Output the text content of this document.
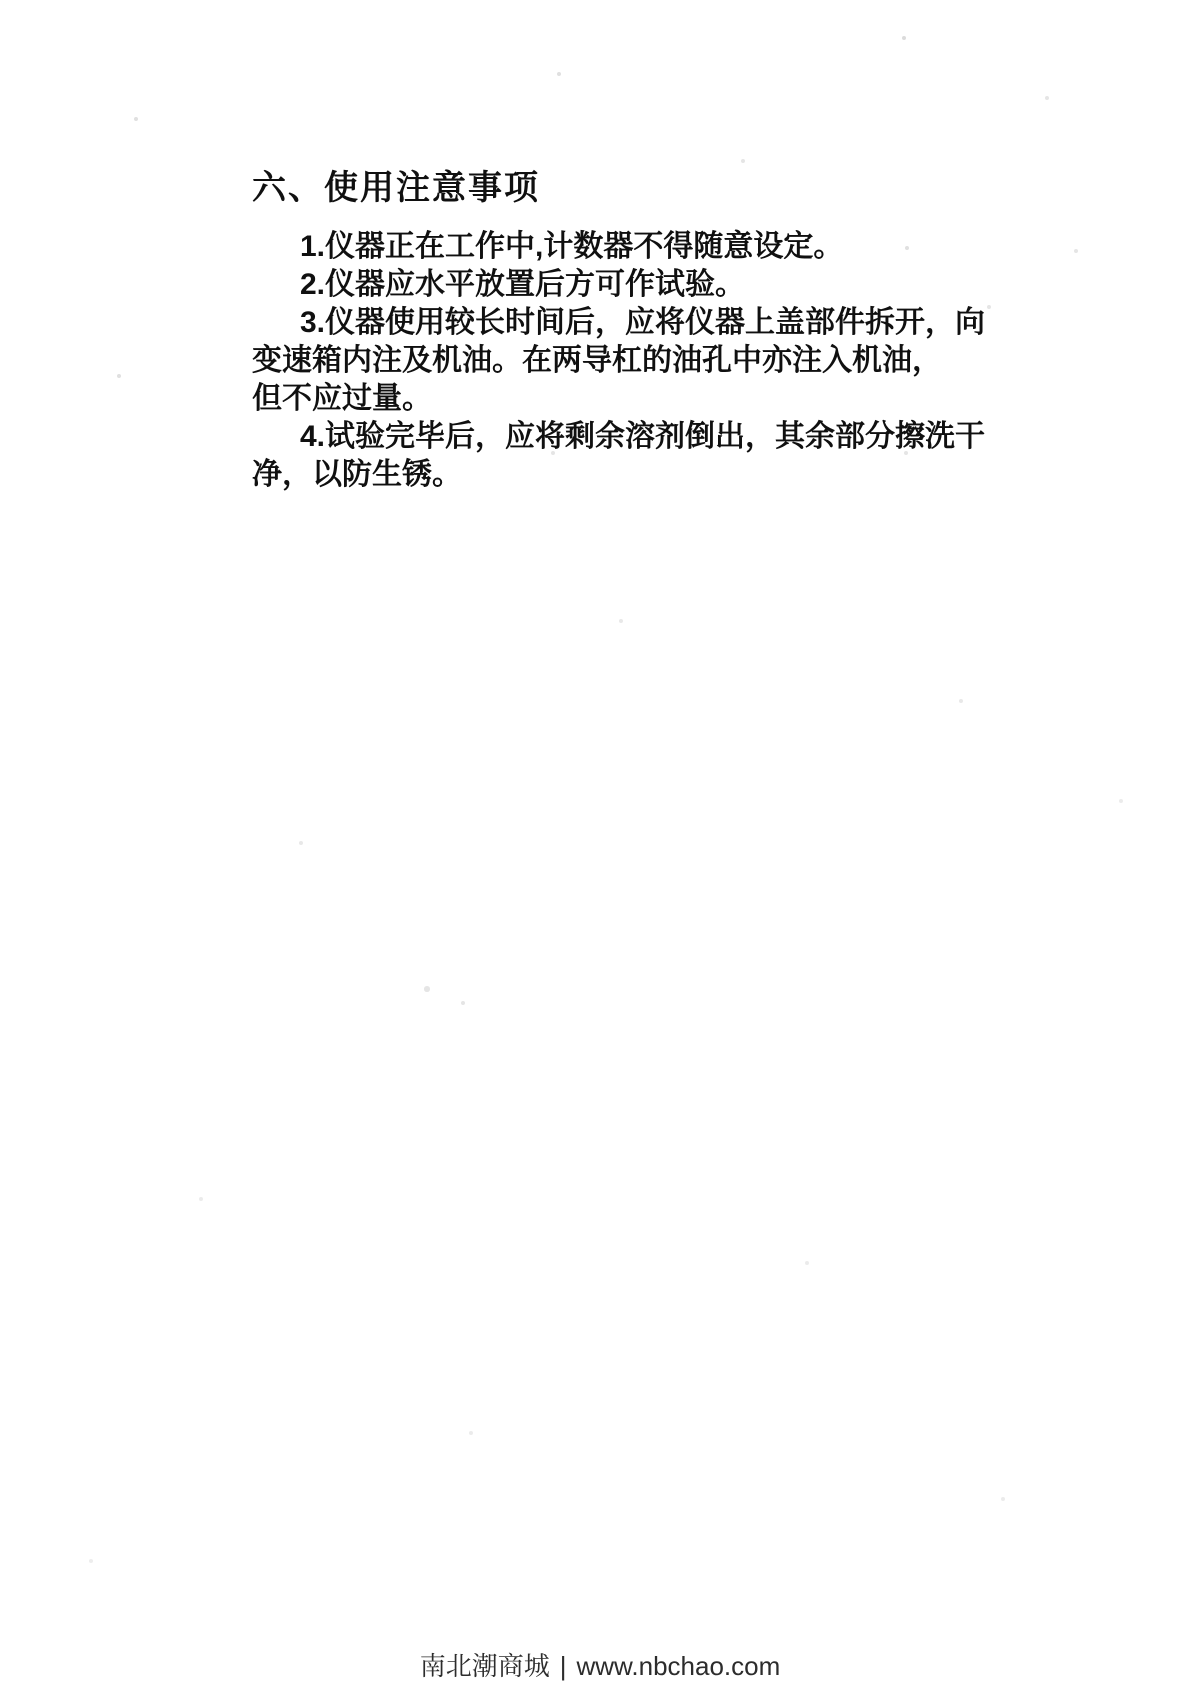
六、使用注意事项

1.仪器正在工作中,计数器不得随意设定。

2.仪器应水平放置后方可作试验。

3.仪器使用较长时间后，应将仪器上盖部件拆开，向
变速箱内注及机油。在两导杠的油孔中亦注入机油，
但不应过量。

4.试验完毕后，应将剩余溶剂倒出，其余部分擦洗干
净，以防生锈。

南北潮商城 | www.nbchao.com
